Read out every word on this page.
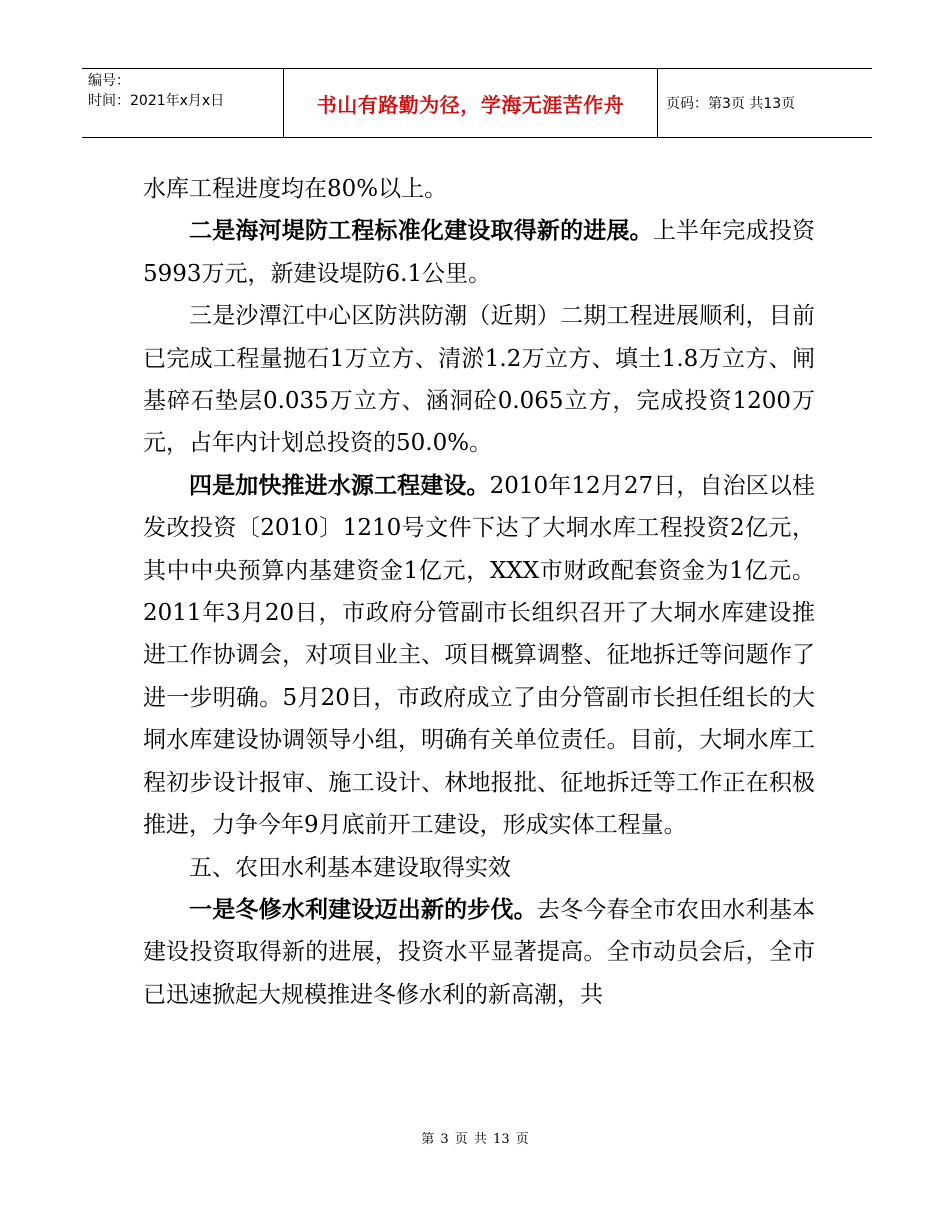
编号：
时间：2021年x月x日	书山有路勤为径，学海无涯苦作舟	页码：第3页 共13页

水库工程进度均在80%以上。

二是海河堤防工程标准化建设取得新的进展。上半年完成投资5993万元，新建设堤防6.1公里。

三是沙潭江中心区防洪防潮（近期）二期工程进展顺利，目前已完成工程量抛石1万立方、清淤1.2万立方、填土1.8万立方、闸基碎石垫层0.035万立方、涵洞砼0.065立方，完成投资1200万元，占年内计划总投资的50.0%。

四是加快推进水源工程建设。2010年12月27日，自治区以桂发改投资〔2010〕1210号文件下达了大垌水库工程投资2亿元，其中中央预算内基建资金1亿元，XXX市财政配套资金为1亿元。2011年3月20日，市政府分管副市长组织召开了大垌水库建设推进工作协调会，对项目业主、项目概算调整、征地拆迁等问题作了进一步明确。5月20日，市政府成立了由分管副市长担任组长的大垌水库建设协调领导小组，明确有关单位责任。目前，大垌水库工程初步设计报审、施工设计、林地报批、征地拆迁等工作正在积极推进，力争今年9月底前开工建设，形成实体工程量。

五、农田水利基本建设取得实效

一是冬修水利建设迈出新的步伐。去冬今春全市农田水利基本建设投资取得新的进展，投资水平显著提高。全市动员会后，全市已迅速掀起大规模推进冬修水利的新高潮，共

第 3 页 共 13 页
